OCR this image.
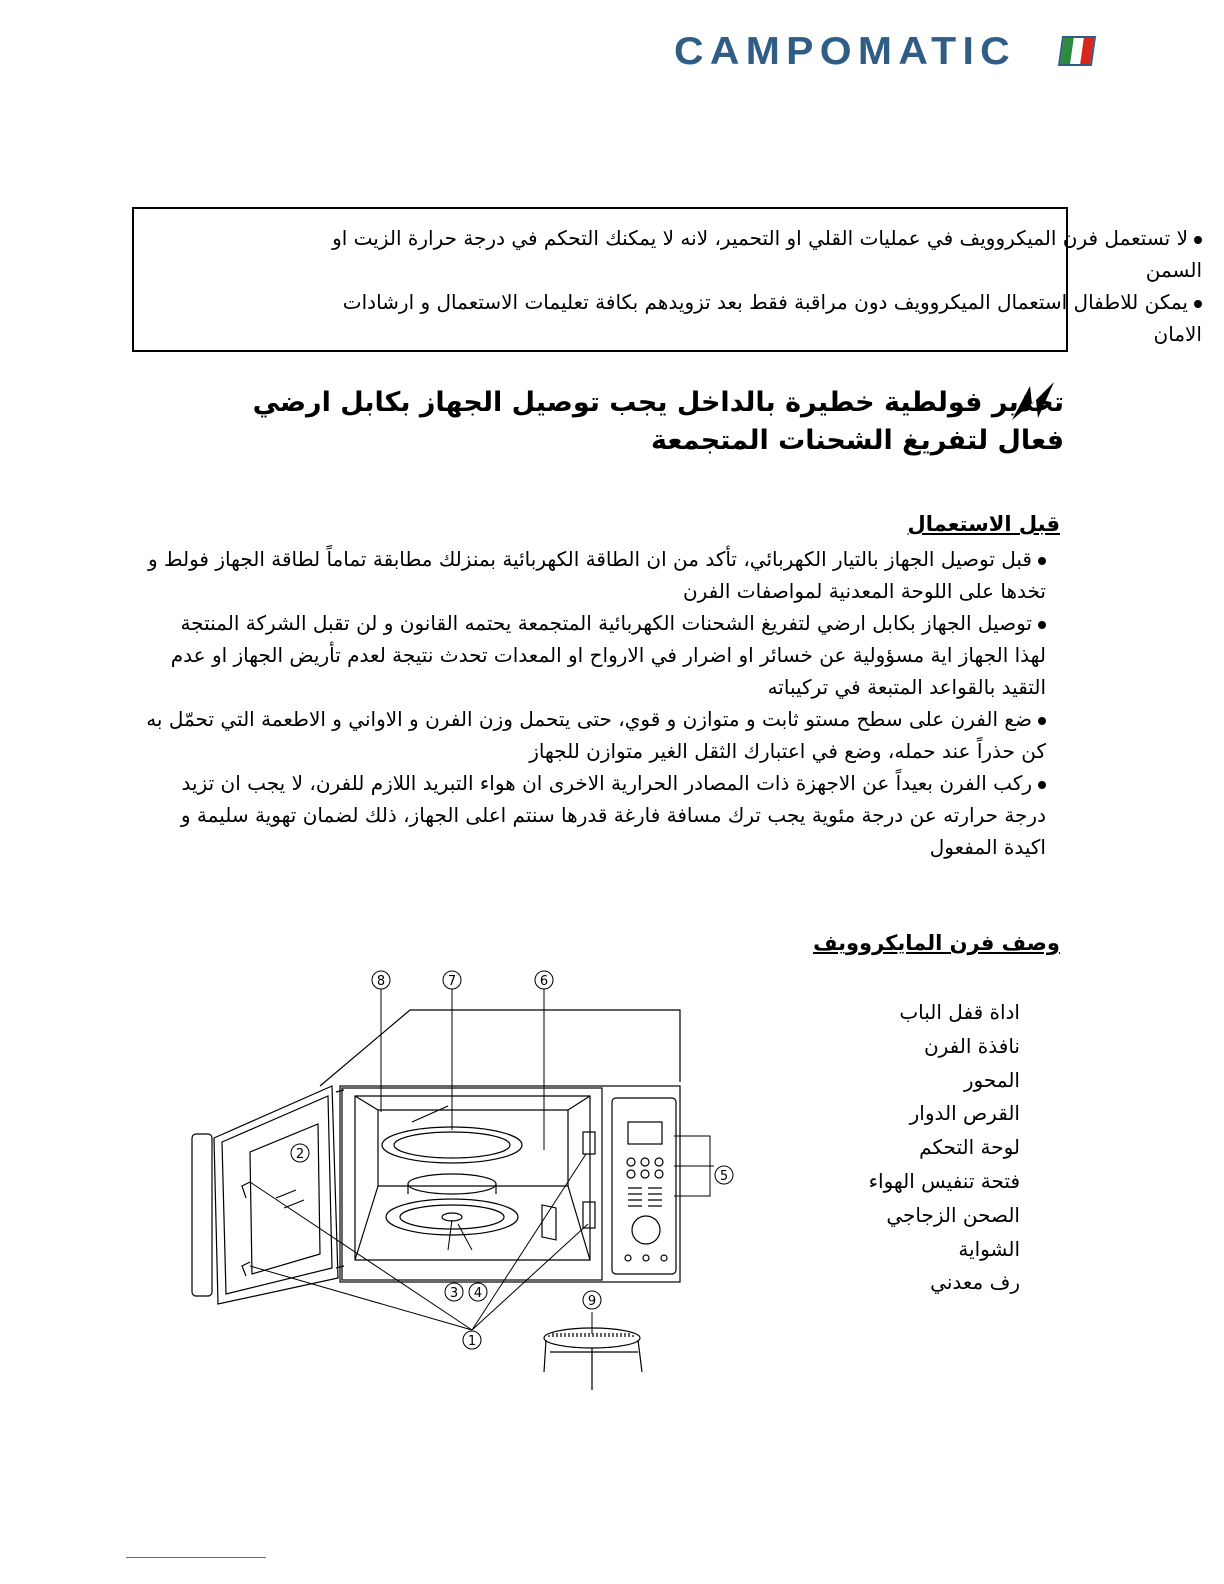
CAMPOMATIC
لا تستعمل فرن الميكروويف في عمليات القلي او التحمير، لانه لا يمكنك التحكم في درجة حرارة الزيت او السمن
يمكن للاطفال استعمال الميكروويف دون مراقبة فقط بعد تزويدهم بكافة تعليمات الاستعمال و ارشادات الامان
تحذير فولطية خطيرة بالداخل يجب توصيل الجهاز بكابل ارضي فعال لتفريغ الشحنات المتجمعة
قبل الاستعمال

قبل توصيل الجهاز بالتيار الكهربائي، تأكد من ان الطاقة الكهربائية بمنزلك مطابقة تماماً لطاقة الجهاز فولط و تخدها على اللوحة المعدنية لمواصفات الفرن

توصيل الجهاز بكابل ارضي لتفريغ الشحنات الكهربائية المتجمعة يحتمه القانون و لن تقبل الشركة المنتجة لهذا الجهاز اية مسؤولية عن خسائر او اضرار في الارواح او المعدات تحدث نتيجة لعدم تأريض الجهاز او عدم التقيد بالقواعد المتبعة في تركيباته

ضع الفرن على سطح مستو ثابت و متوازن و قوي، حتى يتحمل وزن الفرن و الاواني و الاطعمة التي تحمّل به كن حذراً عند حمله، وضع في اعتبارك الثقل الغير متوازن للجهاز

ركب الفرن بعيداً عن الاجهزة ذات المصادر الحرارية الاخرى ان هواء التبريد اللازم للفرن، لا يجب ان تزيد درجة حرارته عن درجة مئوية يجب ترك مسافة فارغة قدرها سنتم اعلى الجهاز، ذلك لضمان تهوية سليمة و اكيدة المفعول

وصف فرن المايكروويف
اداة قفل الباب
نافذة الفرن
المحور
القرص الدوار
لوحة التحكم
فتحة تنفيس الهواء
الصحن الزجاجي
الشواية
رف معدني
1
2
3 4
5
6
7
8
9
